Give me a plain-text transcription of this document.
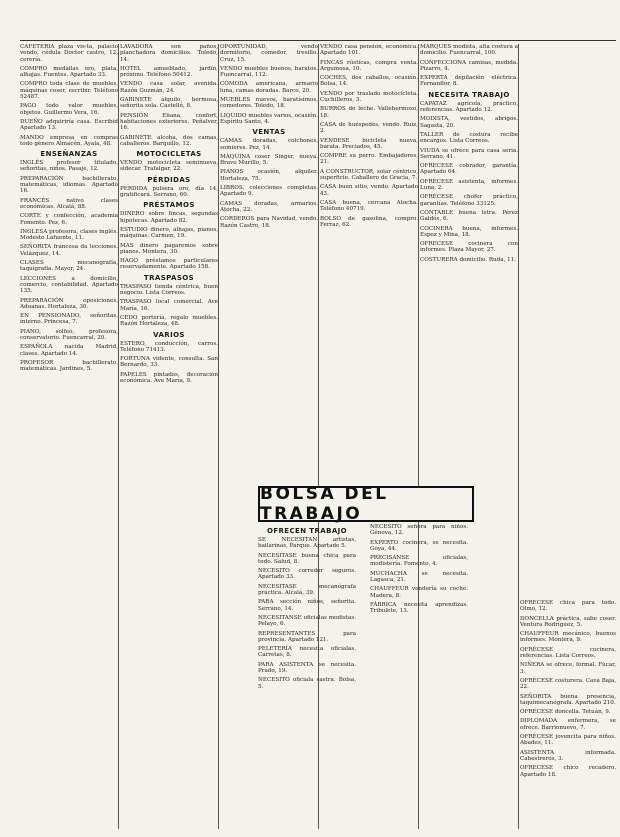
CAFETERIA plaza vis-ta, palacio vendo, cédula Doctor castro, 12, cerería.
COMPRO medallas oro, plata, alhajas. Fuentes. Apartado 33.
COMPRO toda clase de muebles, máquinas coser, escribir. Teléfono 52487.
PAGO todo valor muebles, objetos. Guillermo Vera, 16.
DUEÑO adquiriría casa. Escribid Apartado 13.
MANDO empresa en compras todo género Almacén, Ayala, 48.
ENSEÑANZAS
INGLÉS profesor titulado, señoritas, niños. Pasaje, 12.
PREPARACIÓN bachillerato, matemáticas, idiomas. Apartado 16.
FRANCÉS nativo clases económicas. Alcalá, 88.
CORTE y confección, academia Fomento. Pez, 6.
INGLESA profesora, clases inglés. Modesto Lafuente, 11.
SEÑORITA francesa da lecciones. Velázquez, 14.
CLASES mecanografía, taquigrafía. Mayor, 24.
LECCIONES a domicilio, comercio, contabilidad. Apartado 135.
PREPARACIÓN oposiciones, Aduanas. Hortaleza, 30.
EN PENSIONADO, señoritas, interno. Princesa, 7.
PIANO, solfeo, profesora, conservatorio. Fuencarral, 20.
ESPAÑOLA nacida Madrid, clases. Apartado 14.
PROFESOR bachillerato, matemáticas. Jardines, 5.
LAVADORA son paños, planchadora domicilios. Toledo, 14.
HOTEL amueblado, jardín, próximo. Teléfono 50412.
VENDO casa solar, avenida. Razón Guzmán, 24.
GABINETE alquilo, hermosa, señorita sola. Castelló, 8.
PENSIÓN Eliana, confort, habitaciones exteriores. Peñalver, 16.
GABINETE alcoba, dos camas, caballeros. Barquillo, 12.
MOTOCICLETAS
VENDO motocicleta seminueva, sidecar. Trafalgar, 22.
PÉRDIDAS
PERDIDA pulsera oro, día 14, gratificará. Serrano, 60.
PRÉSTAMOS
DINERO sobre fincas, segundas hipotecas. Apartado 82.
ESTUDIO dinero, alhajas, pianos, máquinas. Carmen, 19.
MAS dinero pagaremos sobre pianos. Montera, 30.
HAGO préstamos particulares reservadamente. Apartado 158.
TRASPASOS
TRASPASO tienda céntrica, buen negocio. Lista Correos.
TRASPASO local comercial. Ave María, 16.
CEDO portería, regalo muebles. Razón Hortaleza, 48.
VARIOS
ESTERO, conducción, carros. Teléfono 71413.
FORTUNA vidente, consulta. San Bernardo, 33.
PAPELES pintados, decoración económica. Ave María, 9.
OPORTUNIDAD, vendo dormitorio, comedor, tresillo. Cruz, 15.
VENDO muebles buenos, baratos. Fuencarral, 112.
CÓMODA americana, armario luna, camas doradas. Barco, 20.
MUEBLES nuevos, baratísimos, comedores. Toledo, 18.
LIQUIDO muebles varios, ocasión. Espíritu Santo, 4.
VENTAS
CAMAS doradas, colchones, somieres. Pez, 14.
MÁQUINA coser Singer, nueva. Bravo Murillo, 5.
PIANOS ocasión, alquiler. Hortaleza, 75.
LIBROS, colecciones completas. Apartado 9.
CAMAS doradas, armarios. Atocha, 22.
CORDEROS para Navidad, vendo. Razón Castro, 18.
VENDO casa pensión, económica. Apartado 101.
FINCAS rústicas, compra venta. Argumosa, 10.
COCHES, dos caballos, ocasión. Bolsa, 14.
VENDO por traslado motocicleta. Cuchilleros, 3.
BURROS de leche. Vallehermoso, 18.
CASA de huéspedes, vendo. Ruiz, 2.
VENDESE bicicleta nueva, barata. Preciados, 45.
COMPRE su perro. Embajadores, 21.
A CONSTRUCTOR, solar céntrico, superficie. Caballero de Gracia, 7.
CASA buen sitio, vendo. Apartado 43.
CASA buena, cercana Atocha. Teléfono 40719.
BOLSO de gasolina, compro. Ferraz, 62.
MARQUÉS modista, alta costura a domicilio. Fuencarral, 100.
CONFECCIONA camisas, medida. Pizarro, 4.
EXPERTA depilación eléctrica. Fernanflor, 8.
NECESITA TRABAJO
CAPATAZ agrícola, práctico, referencias. Apartado 12.
MODISTA, vestidos, abrigos. Sagasta, 20.
TALLER de costura recibe encargos. Lista Correos.
VIUDA se ofrece para casa seria. Serrano, 41.
OFRECESE cobrador, garantía. Apartado 64.
OFRÉCESE asistenta, informes. Luna, 2.
OFRÉCESE chofer práctico, garantías. Teléfono 33125.
CONTABLE buena letra. Pérez Galdós, 6.
COCINERA buena, informes. Espoz y Mina, 18.
OFRECESE cocinera con informes. Plaza Mayor, 27.
COSTURERA domicilio. Ruda, 11.
OFRÉCESE chica para todo. Olmo, 12.
DONCELLA práctica, sabe coser. Ventura Rodríguez, 5.
CHAUFFEUR mecánico, buenos informes. Montera, 9.
OFRÉCESE cocinera, referencias. Lista Correos.
NIÑERA se ofrece, formal. Fúcar, 3.
OFRÉCESE costurera. Cava Baja, 22.
SEÑORITA buena presencia, taquimecanógrafa. Apartado 210.
OFRÉCESE doncella. Tetuán, 9.
DIPLOMADA enfermera, se ofrece. Barrionuevo, 7.
OFRÉCESE jovencita para niños. Abades, 11.
ASISTENTA informada. Cabestreros, 3.
OFRECESE chico recadero. Apartado 18.
BOLSA DEL TRABAJO
OFRECEN TRABAJO
SE NECESITAN artistas, bailarinas, Parque. Apartado 5.
NECESITASE buena chica para todo. Salud, 8.
NECESITO corredor seguros. Apartado 33.
NECESITASE mecanógrafa práctica. Alcalá, 39.
PARA sección niños, señorita. Serrano, 14.
NECESITANSE oficialas modistas. Pelayo, 6.
REPRESENTANTES para provincia. Apartado 121.
PELETERÍA necesita oficialas. Carretas, 8.
PARA ASISTENTA se necesita. Prado, 19.
NECESITO oficiala sastra. Bolsa, 5.
NECESITO señora para niños. Génova, 12.
EXPERTO cocinera, se necesita. Goya, 44.
PRECISANSE oficialas, modistería. Fomento, 4.
MUCHACHA se necesita. Lagasca, 21.
CHAUFFEUR vendería su coche. Madera, 8.
FÁBRICA necesita aprendizas. Tribulete, 13.
